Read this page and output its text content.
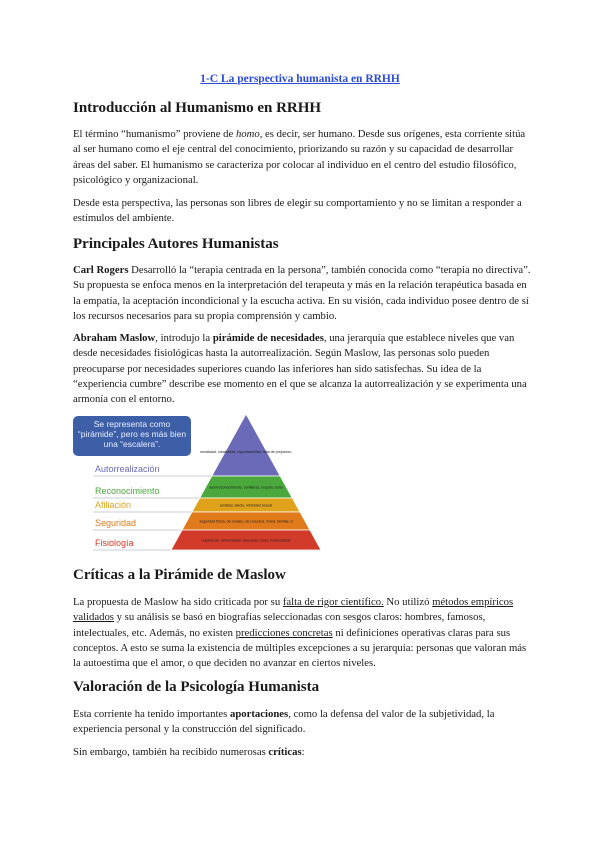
1-C La perspectiva humanista en RRHH
Introducción al Humanismo en RRHH

El término “humanismo” proviene de homo, es decir, ser humano. Desde sus orígenes, esta corriente sitúa al ser humano como el eje central del conocimiento, priorizando su razón y su capacidad de desarrollar áreas del saber. El humanismo se caracteriza por colocar al individuo en el centro del estudio filosófico, psicológico y organizacional.

Desde esta perspectiva, las personas son libres de elegir su comportamiento y no se limitan a responder a estímulos del ambiente.

Principales Autores Humanistas

Carl Rogers Desarrolló la “terapia centrada en la persona”, también conocida como “terapia no directiva”. Su propuesta se enfoca menos en la interpretación del terapeuta y más en la relación terapéutica basada en la empatía, la aceptación incondicional y la escucha activa. En su visión, cada individuo posee dentro de sí los recursos necesarios para su propia comprensión y cambio.

Abraham Maslow, introdujo la pirámide de necesidades, una jerarquía que establece niveles que van desde necesidades fisiológicas hasta la autorrealización. Según Maslow, las personas solo pueden preocuparse por necesidades superiores cuando las inferiores han sido satisfechas. Su idea de la “experiencia cumbre” describe ese momento en el que se alcanza la autorrealización y se experimenta una armonía con el entorno.

Se representa como “pirámide”, pero es más bien una “escalera”.
moralidad, creatividad, espontaneidad, falta de prejuicios,
autorreconocimiento, confianza, respeto, éxito
amistad, afecto, intimidad sexual
seguridad física, de empleo, de recursos, moral, familiar, d
respiración, alimentación, descanso, sexo, homeostasis
Autorrealización
Reconocimiento
Afiliación
Seguridad
Fisiología
Críticas a la Pirámide de Maslow

La propuesta de Maslow ha sido criticada por su falta de rigor científico. No utilizó métodos empíricos validados y su análisis se basó en biografías seleccionadas con sesgos claros: hombres, famosos, intelectuales, etc. Además, no existen predicciones concretas ni definiciones operativas claras para sus conceptos. A esto se suma la existencia de múltiples excepciones a su jerarquía: personas que valoran más la autoestima que el amor, o que deciden no avanzar en ciertos niveles.

Valoración de la Psicología Humanista

Esta corriente ha tenido importantes aportaciones, como la defensa del valor de la subjetividad, la experiencia personal y la construcción del significado.

Sin embargo, también ha recibido numerosas críticas:
